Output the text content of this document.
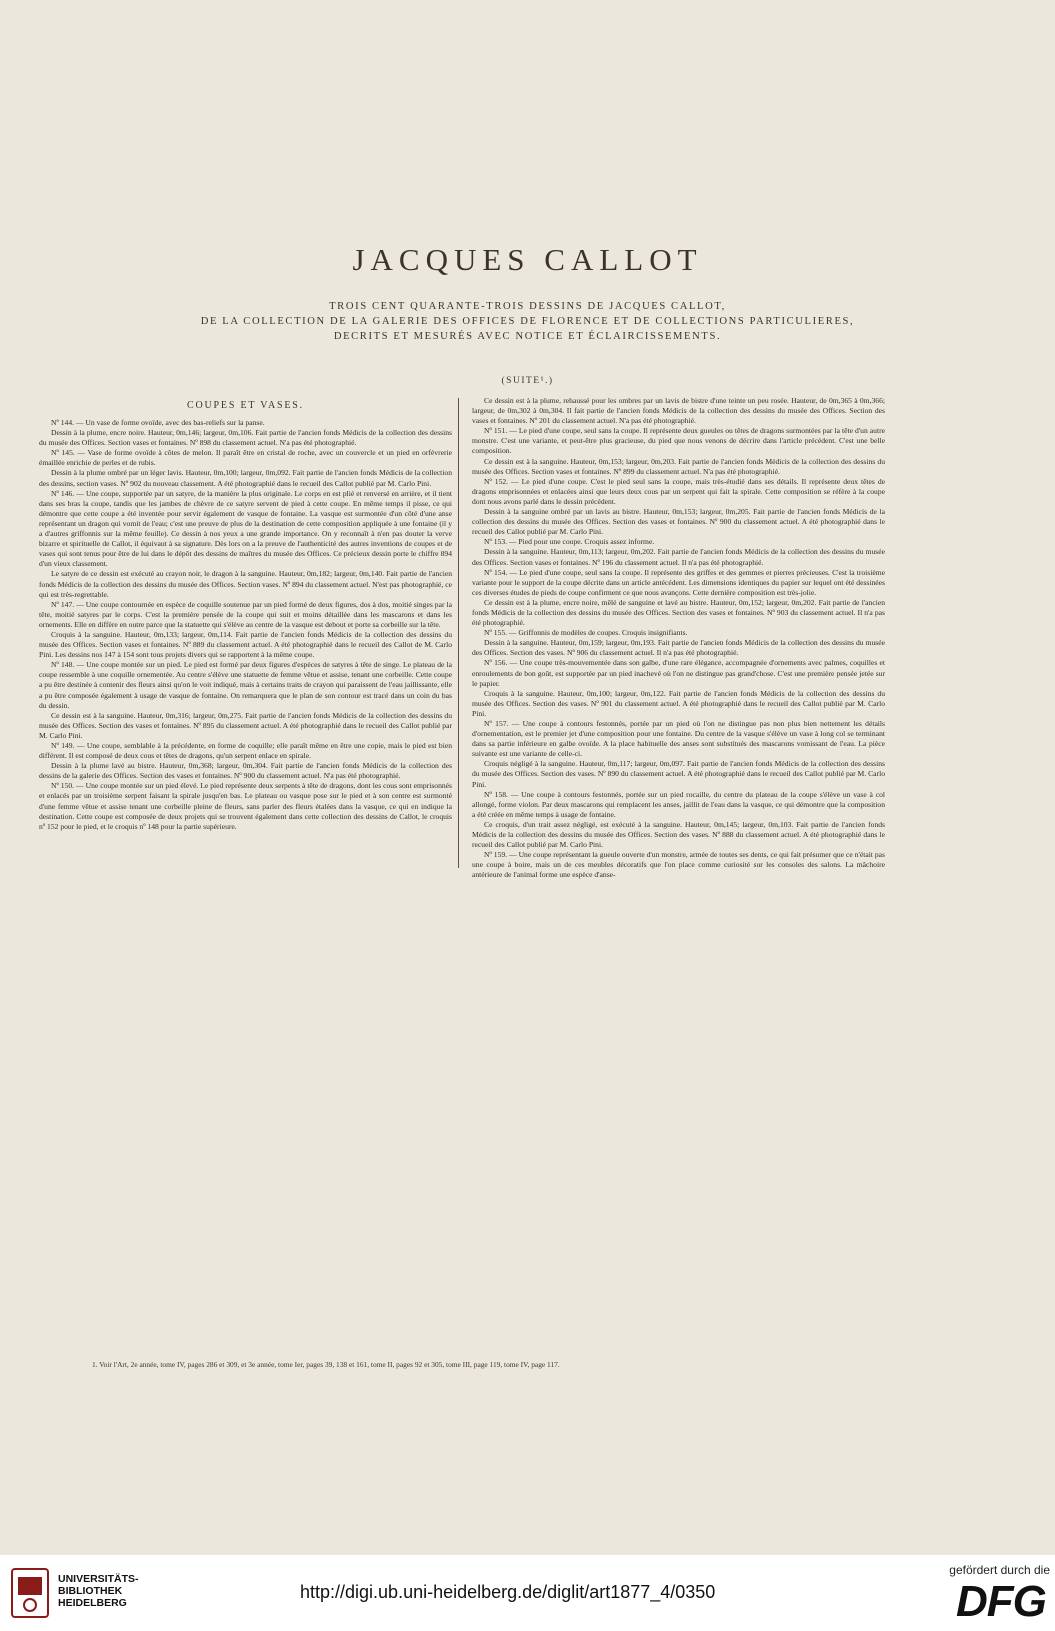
JACQUES CALLOT
TROIS CENT QUARANTE-TROIS DESSINS DE JACQUES CALLOT,
DE LA COLLECTION DE LA GALERIE DES OFFICES DE FLORENCE ET DE COLLECTIONS PARTICULIERES,
DECRITS ET MESURÉS AVEC NOTICE ET ÉCLAIRCISSEMENTS.
(SUITE¹.)
COUPES ET VASES.

Nº 144. — Un vase de forme ovoïde, avec des bas-reliefs sur la panse.

Dessin à la plume, encre noire. Hauteur, 0m,146; largeur, 0m,106. Fait partie de l'ancien fonds Médicis de la collection des dessins du musée des Offices. Section vases et fontaines. Nº 898 du classement actuel. N'a pas été photographié.

Nº 145. — Vase de forme ovoïde à côtes de melon. Il paraît être en cristal de roche, avec un couvercle et un pied en orfèvrerie émaillée enrichie de perles et de rubis.

Dessin à la plume ombré par un léger lavis. Hauteur, 0m,100; largeur, 0m,092. Fait partie de l'ancien fonds Médicis de la collection des dessins, section vases. Nº 902 du nouveau classement. A été photographié dans le recueil des Callot publié par M. Carlo Pini.

Nº 146. — Une coupe, supportée par un satyre, de la manière la plus originale. Le corps en est plié et renversé en arrière, et il tient dans ses bras la coupe, tandis que les jambes de chèvre de ce satyre servent de pied à cette coupe. En même temps il pisse, ce qui démontre que cette coupe a été inventée pour servir également de vasque de fontaine. La vasque est surmontée d'un côté d'une anse représentant un dragon qui vomit de l'eau; c'est une preuve de plus de la destination de cette composition appliquée à une fontaine (il y a d'autres griffonnis sur la même feuille). Ce dessin à nos yeux a une grande importance. On y reconnaît à n'en pas douter la verve bizarre et spirituelle de Callot, il équivaut à sa signature. Dès lors on a la preuve de l'authenticité des autres inventions de coupes et de vases qui sont tenus pour être de lui dans le dépôt des dessins de maîtres du musée des Offices. Ce précieux dessin porte le chiffre 894 d'un vieux classement.

Le satyre de ce dessin est exécuté au crayon noir, le dragon à la sanguine. Hauteur, 0m,182; largeur, 0m,140. Fait partie de l'ancien fonds Médicis de la collection des dessins du musée des Offices. Section vases. Nº 894 du classement actuel. N'est pas photographié, ce qui est très-regrettable.

Nº 147. — Une coupe contournée en espèce de coquille soutenue par un pied formé de deux figures, dos à dos, moitié singes par la tête, moitié satyres par le corps. C'est la première pensée de la coupe qui suit et moins détaillée dans les mascarons et dans les ornements. Elle en diffère en outre parce que la statuette qui s'élève au centre de la vasque est debout et porte sa corbeille sur la tête.

Croquis à la sanguine. Hauteur, 0m,133; largeur, 0m,114. Fait partie de l'ancien fonds Médicis de la collection des dessins du musée des Offices. Section vases et fontaines. Nº 889 du classement actuel. A été photographié dans le recueil des Callot de M. Carlo Pini. Les dessins nos 147 à 154 sont tous projets divers qui se rapportent à la même coupe.

Nº 148. — Une coupe montée sur un pied. Le pied est formé par deux figures d'espèces de satyres à tête de singe. Le plateau de la coupe ressemble à une coquille ornementée. Au centre s'élève une statuette de femme vêtue et assise, tenant une corbeille. Cette coupe a pu être destinée à contenir des fleurs ainsi qu'on le voit indiqué, mais à certains traits de crayon qui paraissent de l'eau jaillissante, elle a pu être composée également à usage de vasque de fontaine. On remarquera que le plan de son contour est tracé dans un coin du bas du dessin.

Ce dessin est à la sanguine. Hauteur, 0m,316; largeur, 0m,275. Fait partie de l'ancien fonds Médicis de la collection des dessins du musée des Offices. Section des vases et fontaines. Nº 895 du classement actuel. A été photographié dans le recueil des Callot publié par M. Carlo Pini.

Nº 149. — Une coupe, semblable à la précédente, en forme de coquille; elle paraît même en être une copie, mais le pied est bien différent. Il est composé de deux cous et têtes de dragons, qu'un serpent enlace en spirale.

Dessin à la plume lavé au bistre. Hauteur, 0m,368; largeur, 0m,304. Fait partie de l'ancien fonds Médicis de la collection des dessins de la galerie des Offices. Section des vases et fontaines. Nº 900 du classement actuel. N'a pas été photographié.

Nº 150. — Une coupe montée sur un pied élevé. Le pied représente deux serpents à tête de dragons, dont les cous sont emprisonnés et enlacés par un troisième serpent faisant la spirale jusqu'en bas. Le plateau ou vasque pose sur le pied et à son centre est surmonté d'une femme vêtue et assise tenant une corbeille pleine de fleurs, sans parler des fleurs étalées dans la vasque, ce qui en indique la destination. Cette coupe est composée de deux projets qui se trouvent également dans cette collection des dessins de Callot, le croquis nº 152 pour le pied, et le croquis nº 148 pour la partie supérieure.

Ce dessin est à la plume, rehaussé pour les ombres par un lavis de bistre d'une teinte un peu rosée. Hauteur, de 0m,365 à 0m,366; largeur, de 0m,302 à 0m,304. Il fait partie de l'ancien fonds Médicis de la collection des dessins du musée des Offices. Section des vases et fontaines. Nº 201 du classement actuel. N'a pas été photographié.

Nº 151. — Le pied d'une coupe, seul sans la coupe. Il représente deux gueules ou têtes de dragons surmontées par la tête d'un autre monstre. C'est une variante, et peut-être plus gracieuse, du pied que nous venons de décrire dans l'article précédent. C'est une belle composition.

Ce dessin est à la sanguine. Hauteur, 0m,153; largeur, 0m,203. Fait partie de l'ancien fonds Médicis de la collection des dessins du musée des Offices. Section vases et fontaines. Nº 899 du classement actuel. N'a pas été photographié.

Nº 152. — Le pied d'une coupe. C'est le pied seul sans la coupe, mais très-étudié dans ses détails. Il représente deux têtes de dragons emprisonnées et enlacées ainsi que leurs deux cous par un serpent qui fait la spirale. Cette composition se réfère à la coupe dont nous avons parlé dans le dessin précédent.

Dessin à la sanguine ombré par un lavis au bistre. Hauteur, 0m,153; largeur, 0m,205. Fait partie de l'ancien fonds Médicis de la collection des dessins du musée des Offices. Section des vases et fontaines. Nº 900 du classement actuel. A été photographié dans le recueil des Callot publié par M. Carlo Pini.

Nº 153. — Pied pour une coupe. Croquis assez informe.

Dessin à la sanguine. Hauteur, 0m,113; largeur, 0m,202. Fait partie de l'ancien fonds Médicis de la collection des dessins du musée des Offices. Section vases et fontaines. Nº 196 du classement actuel. Il n'a pas été photographié.

Nº 154. — Le pied d'une coupe, seul sans la coupe. Il représente des griffes et des gemmes et pierres précieuses. C'est la troisième variante pour le support de la coupe décrite dans un article antécédent. Les dimensions identiques du papier sur lequel ont été dessinées ces diverses études de pieds de coupe confirment ce que nous avançons. Cette dernière composition est très-jolie.

Ce dessin est à la plume, encre noire, mêlé de sanguine et lavé au bistre. Hauteur, 0m,152; largeur, 0m,202. Fait partie de l'ancien fonds Médicis de la collection des dessins du musée des Offices. Section des vases et fontaines. Nº 903 du classement actuel. Il n'a pas été photographié.

Nº 155. — Griffonnis de modèles de coupes. Croquis insignifiants.

Dessin à la sanguine. Hauteur, 0m,159; largeur, 0m,193. Fait partie de l'ancien fonds Médicis de la collection des dessins du musée des Offices. Section des vases. Nº 906 du classement actuel. Il n'a pas été photographié.

Nº 156. — Une coupe très-mouvementée dans son galbe, d'une rare élégance, accompagnée d'ornements avec palmes, coquilles et enroulements de bon goût, est supportée par un pied inachevé où l'on ne distingue pas grand'chose. C'est une première pensée jetée sur le papier.

Croquis à la sanguine. Hauteur, 0m,100; largeur, 0m,122. Fait partie de l'ancien fonds Médicis de la collection des dessins du musée des Offices. Section des vases. Nº 901 du classement actuel. A été photographié dans le recueil des Callot publié par M. Carlo Pini.

Nº 157. — Une coupe à contours festonnés, portée par un pied où l'on ne distingue pas non plus bien nettement les détails d'ornementation, est le premier jet d'une composition pour une fontaine. Du centre de la vasque s'élève un vase à long col se terminant dans sa partie inférieure en galbe ovoïde. A la place habituelle des anses sont substitués des mascarons vomissant de l'eau. La pièce suivante est une variante de celle-ci.

Croquis négligé à la sanguine. Hauteur, 0m,117; largeur, 0m,097. Fait partie de l'ancien fonds Médicis de la collection des dessins du musée des Offices. Section des vases. Nº 890 du classement actuel. A été photographié dans le recueil des Callot publié par M. Carlo Pini.

Nº 158. — Une coupe à contours festonnés, portée sur un pied rocaille, du centre du plateau de la coupe s'élève un vase à col allongé, forme violon. Par deux mascarons qui remplacent les anses, jaillit de l'eau dans la vasque, ce qui démontre que la composition a été créée en même temps à usage de fontaine.

Ce croquis, d'un trait assez négligé, est exécuté à la sanguine. Hauteur, 0m,145; largeur, 0m,103. Fait partie de l'ancien fonds Médicis de la collection des dessins du musée des Offices. Section des vases. Nº 888 du classement actuel. A été photographié dans le recueil des Callot publié par M. Carlo Pini.

Nº 159. — Une coupe représentant la gueule ouverte d'un monstre, armée de toutes ses dents, ce qui fait présumer que ce n'était pas une coupe à boire, mais un de ces meubles décoratifs que l'on place comme curiosité sur les consoles des salons. La mâchoire antérieure de l'animal forme une espèce d'anse-

1. Voir l'Art, 2e année, tome IV, pages 286 et 309, et 3e année, tome Ier, pages 39, 138 et 161, tome II, pages 92 et 305, tome III, page 119, tome IV, page 117.
UNIVERSITÄTS-
BIBLIOTHEK
HEIDELBERG
http://digi.ub.uni-heidelberg.de/diglit/art1877_4/0350
gefördert durch die
DFG
